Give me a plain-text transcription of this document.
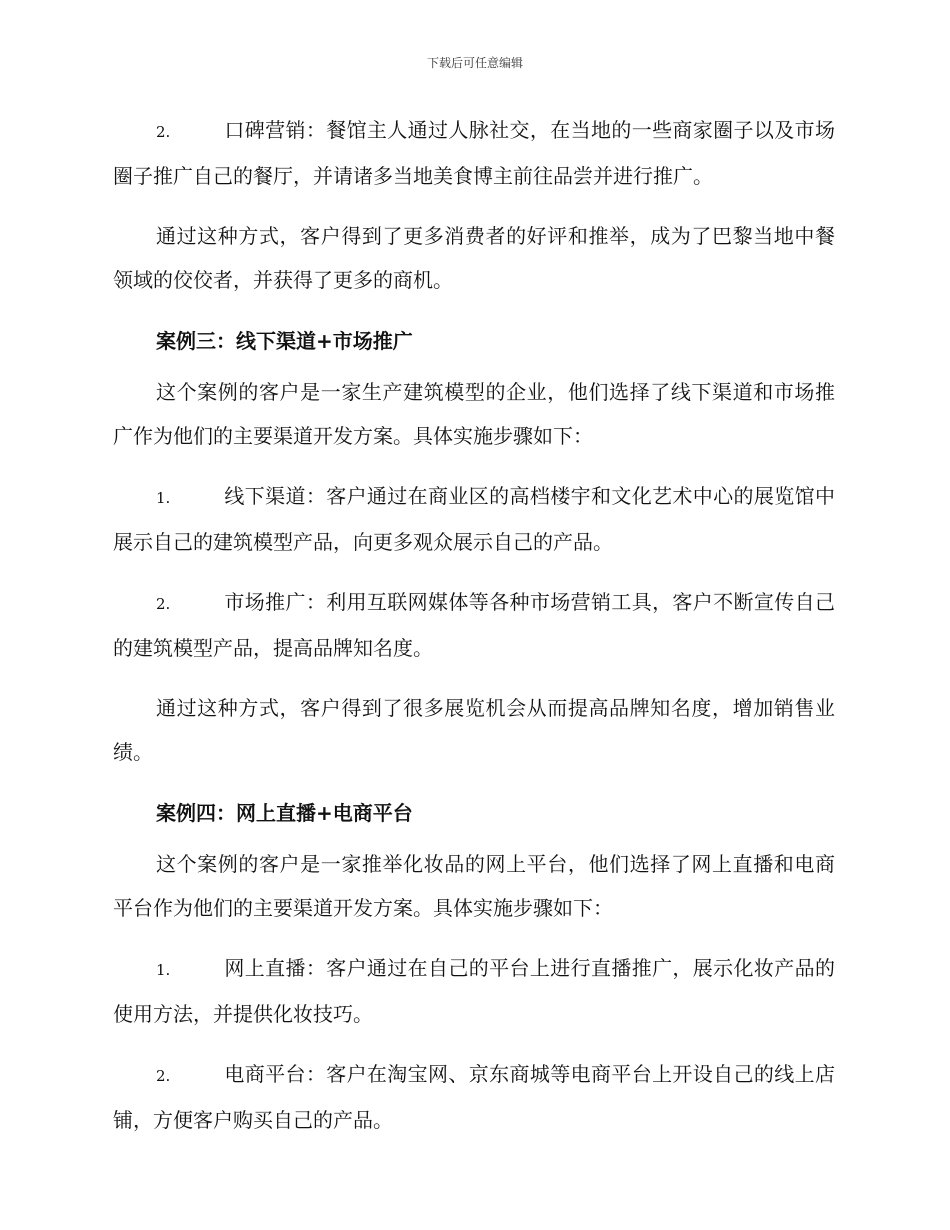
下载后可任意编辑

2.	口碑营销：餐馆主人通过人脉社交，在当地的一些商家圈子以及市场圈子推广自己的餐厅，并请诸多当地美食博主前往品尝并进行推广。

通过这种方式，客户得到了更多消费者的好评和推举，成为了巴黎当地中餐领域的佼佼者，并获得了更多的商机。

案例三：线下渠道+市场推广

这个案例的客户是一家生产建筑模型的企业，他们选择了线下渠道和市场推广作为他们的主要渠道开发方案。具体实施步骤如下：

1.	线下渠道：客户通过在商业区的高档楼宇和文化艺术中心的展览馆中展示自己的建筑模型产品，向更多观众展示自己的产品。

2.	市场推广：利用互联网媒体等各种市场营销工具，客户不断宣传自己的建筑模型产品，提高品牌知名度。

通过这种方式，客户得到了很多展览机会从而提高品牌知名度，增加销售业绩。

案例四：网上直播+电商平台

这个案例的客户是一家推举化妆品的网上平台，他们选择了网上直播和电商平台作为他们的主要渠道开发方案。具体实施步骤如下：

1.	网上直播：客户通过在自己的平台上进行直播推广，展示化妆产品的使用方法，并提供化妆技巧。

2.	电商平台：客户在淘宝网、京东商城等电商平台上开设自己的线上店铺，方便客户购买自己的产品。
